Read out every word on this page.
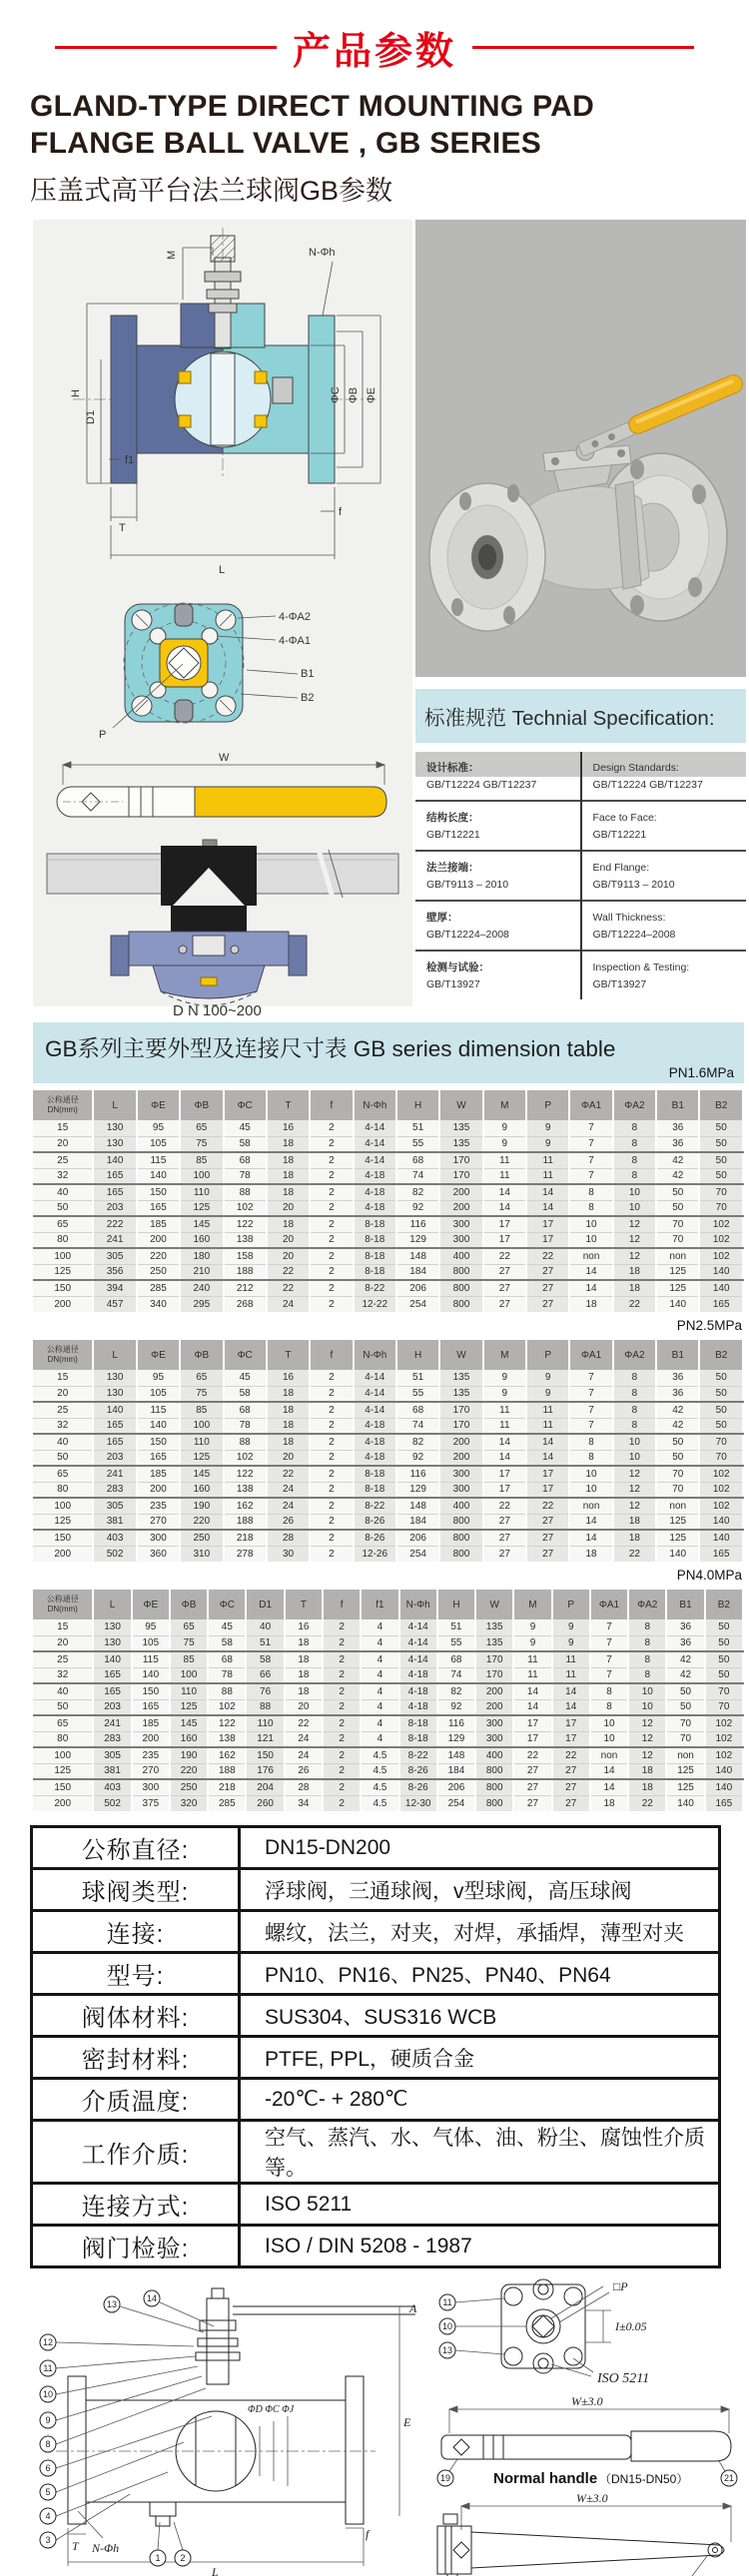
产品参数
GLAND-TYPE DIRECT MOUNTING PAD
FLANGE BALL VALVE , GB SERIES
压盖式高平台法兰球阀GB参数
M	N-Φh
H
D1
f1
ΦC ΦB ΦE
T
f
L

4-ΦA2
4-ΦA1
B1
B2
P

W

D N 100~200
标准规范 Technial Specification:
设计标准：	Design Standards:
GB/T12224 GB/T12237	GB/T12224 GB/T12237
结构长度：	Face to Face:
GB/T12221	GB/T12221
法兰接端：	End Flange:
GB/T9113 – 2010	GB/T9113 – 2010
壁厚：	Wall Thickness:
GB/T12224–2008	GB/T12224–2008
检测与试验：	Inspection & Testing:
GB/T13927	GB/T13927
GB系列主要外型及连接尺寸表 GB series dimension table
PN1.6MPa
公称通径
DN(mm)	L	ΦE	ΦB	ΦC	T	f	N-Φh	H	W	M	P	ΦA1	ΦA2	B1	B2
15	130	95	65	45	16	2	4-14	51	135	9	9	7	8	36	50
20	130	105	75	58	18	2	4-14	55	135	9	9	7	8	36	50
25	140	115	85	68	18	2	4-14	68	170	11	11	7	8	42	50
32	165	140	100	78	18	2	4-18	74	170	11	11	7	8	42	50
40	165	150	110	88	18	2	4-18	82	200	14	14	8	10	50	70
50	203	165	125	102	20	2	4-18	92	200	14	14	8	10	50	70
65	222	185	145	122	18	2	8-18	116	300	17	17	10	12	70	102
80	241	200	160	138	20	2	8-18	129	300	17	17	10	12	70	102
100	305	220	180	158	20	2	8-18	148	400	22	22	non	12	non	102
125	356	250	210	188	22	2	8-18	184	800	27	27	14	18	125	140
150	394	285	240	212	22	2	8-22	206	800	27	27	14	18	125	140
200	457	340	295	268	24	2	12-22	254	800	27	27	18	22	140	165
PN2.5MPa
公称通径
DN(mm)	L	ΦE	ΦB	ΦC	T	f	N-Φh	H	W	M	P	ΦA1	ΦA2	B1	B2
15	130	95	65	45	16	2	4-14	51	135	9	9	7	8	36	50
20	130	105	75	58	18	2	4-14	55	135	9	9	7	8	36	50
25	140	115	85	68	18	2	4-14	68	170	11	11	7	8	42	50
32	165	140	100	78	18	2	4-18	74	170	11	11	7	8	42	50
40	165	150	110	88	18	2	4-18	82	200	14	14	8	10	50	70
50	203	165	125	102	20	2	4-18	92	200	14	14	8	10	50	70
65	241	185	145	122	22	2	8-18	116	300	17	17	10	12	70	102
80	283	200	160	138	24	2	8-18	129	300	17	17	10	12	70	102
100	305	235	190	162	24	2	8-22	148	400	22	22	non	12	non	102
125	381	270	220	188	26	2	8-26	184	800	27	27	14	18	125	140
150	403	300	250	218	28	2	8-26	206	800	27	27	14	18	125	140
200	502	360	310	278	30	2	12-26	254	800	27	27	18	22	140	165
PN4.0MPa
公称通径
DN(mm)	L	ΦE	ΦB	ΦC	D1	T	f	f1	N-Φh	H	W	M	P	ΦA1	ΦA2	B1	B2
15	130	95	65	45	40	16	2	4	4-14	51	135	9	9	7	8	36	50
20	130	105	75	58	51	18	2	4	4-14	55	135	9	9	7	8	36	50
25	140	115	85	68	58	18	2	4	4-14	68	170	11	11	7	8	42	50
32	165	140	100	78	66	18	2	4	4-18	74	170	11	11	7	8	42	50
40	165	150	110	88	76	18	2	4	4-18	82	200	14	14	8	10	50	70
50	203	165	125	102	88	20	2	4	4-18	92	200	14	14	8	10	50	70
65	241	185	145	122	110	22	2	4	8-18	116	300	17	17	10	12	70	102
80	283	200	160	138	121	24	2	4	8-18	129	300	17	17	10	12	70	102
100	305	235	190	162	150	24	2	4.5	8-22	148	400	22	22	non	12	non	102
125	381	270	220	188	176	26	2	4.5	8-26	184	800	27	27	14	18	125	140
150	403	300	250	218	204	28	2	4.5	8-26	206	800	27	27	14	18	125	140
200	502	375	320	285	260	34	2	4.5	12-30	254	800	27	27	18	22	140	165
公称直径:	DN15-DN200
球阀类型:	浮球阀，三通球阀，v型球阀，高压球阀
连接:	螺纹，法兰，对夹，对焊，承插焊，薄型对夹
型号:	PN10、PN16、PN25、PN40、PN64
阀体材料:	SUS304、SUS316 WCB
密封材料:	PTFE, PPL，硬质合金
介质温度:	-20℃- + 280℃
工作介质:	空气、蒸汽、水、气体、油、粉尘、腐蚀性介质等。
连接方式:	ISO 5211
阀门检验:	ISO / DIN 5208 - 1987
13
14
12
11
10
9
8
6
5
4
3
1 2
A
E
ΦD ΦC ΦJ
N-Φh
T
f
L
11
10
13
□P
I±0.05
ISO 5211

W±3.0
19	21
Normal handle （DN15-DN50）

W±3.0
